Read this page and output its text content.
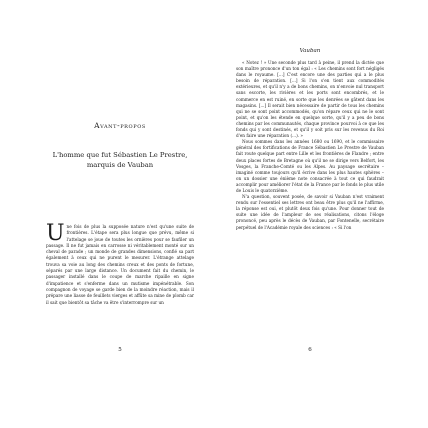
Avant-propos
L'homme que fut Sébastien Le Prestre,
marquis de Vauban
Une fois de plus la supposée nature n'est qu'une suite de frontières. L'étape sera plus longue que prévu, même si l'attelage se joue de toutes les ornières pour se faufiler un passage. Il ne fut jamais en carrosse ni véritablement monté sur un cheval de parade ; un monde de grandes dimensions, confié sa part également à ceux qui ne purent le mesurer. L'étrange attelage trouva sa voie au long des chemins creux et des ponts de fortune, séparés par une large distance. Un document fait du chemin, le passager installé dans le coupe de marche ripaille en signe d'impatience et s'enferme dans un mutisme impénétrable. Son compagnon de voyage se garde bien de la moindre réaction, mais il prépare une liasse de feuillets vierges et affûte sa mine de plomb car il sait que bientôt sa tâche va être s'interrompre sur un
5
Vauban

« Notez ! » Une seconde plus tard à peine, il prend la dictée que son maître prononce d'un ton égal : « Les chemins sont fort négligés dans le royaume. [...] C'est encore une des parties qui a le plus besoin de réparation. [...] Si l'on s'en tient aux commodités extérieures, et qu'il n'y a de bons chemins, on n'envoie nul transport sans escorte, les rivières et les ports sont encombrés, et le commerce en est ruiné, en sorte que les denrées se gâtent dans les magasins. [...] Il serait bien nécessaire de partir de tous les chemins qui ne se sont point accommodés, qu'on répare ceux qui ne le sont point, et qu'on les étende en quelque sorte, qu'il y a peu de bons chemins par les communautés, chaque province pourvoi à ce que les fonds qui y sont destinés, et qu'il y soit pris sur les revenus du Roi d'en faire une réparation (...). »

Nous sommes dans les années 1680 ou 1690, et le commissaire général des fortifications de France Sébastien Le Prestre de Vauban fait route quelque part entre Lille et les frontières de Flandre ; entre deux places fortes de Bretagne où qu'il ne se dirige vers Belfort, les Vosges, la Franche-Comté ou les Alpes. Au paysage secrétaire – imaginé comme toujours qu'il écrive dans les plus hautes sphères – on un dossier une énième note consacrée à tout ce qui faudrait accomplir pour améliorer l'état de la France par le fonds le plus utile de Louis le quatorzième.

N'a question, souvent posée, de savoir si Vauban n'est vraiment rendu sur l'essentiel ses lettres ont beau être plus qu'il ne l'affirme, la réponse est oui, et plutôt deux fois qu'une. Pour donner tout de suite une idée de l'ampleur de ses réalisations, citons l'éloge prononcé, peu après le décès de Vauban, par Fontenelle, secrétaire perpétuel de l'Académie royale des sciences : « Si l'on

6
